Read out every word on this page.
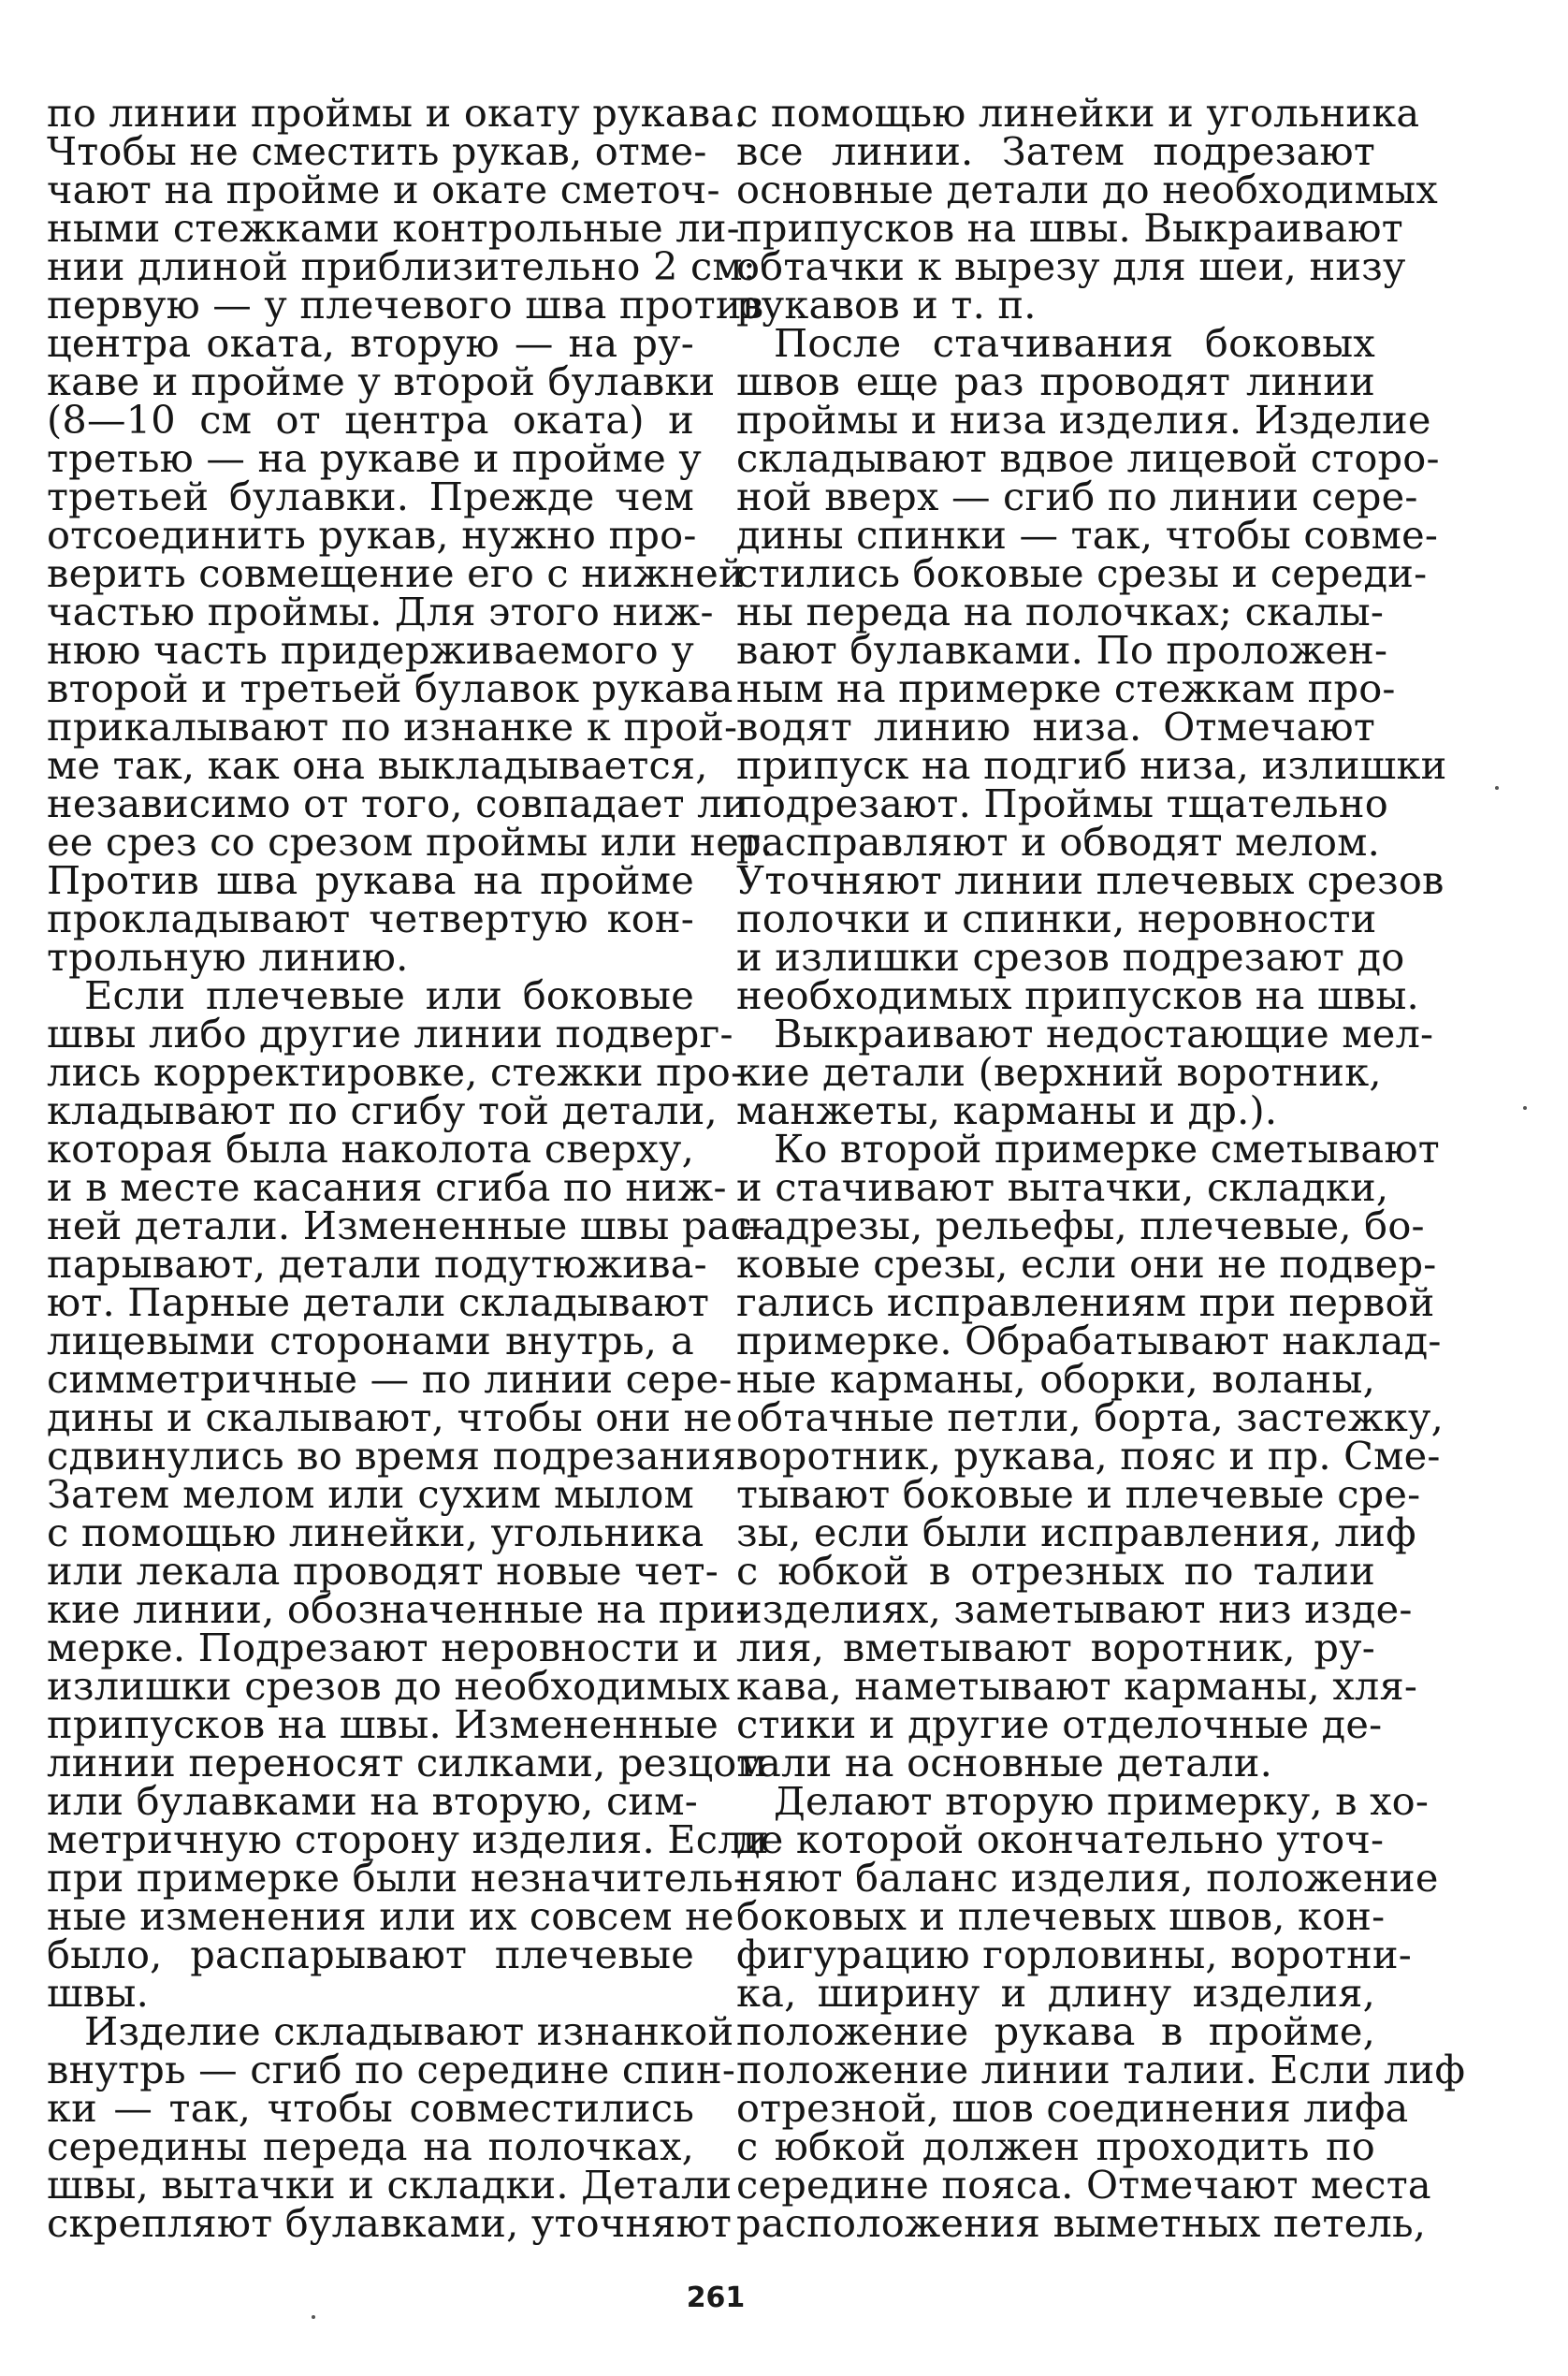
по линии проймы и окату рукава.
Чтобы не сместить рукав, отме-
чают на пройме и окате сметоч-
ными стежками контрольные ли-
нии длиной приблизительно 2 см:
первую — у плечевого шва против
центра оката, вторую — на ру-
каве и пройме у второй булавки
(8—10 см от центра оката) и
третью — на рукаве и пройме у
третьей булавки. Прежде чем
отсоединить рукав, нужно про-
верить совмещение его с нижней
частью проймы. Для этого ниж-
нюю часть придерживаемого у
второй и третьей булавок рукава
прикалывают по изнанке к прой-
ме так, как она выкладывается,
независимо от того, совпадает ли
ее срез со срезом проймы или нет.
Против шва рукава на пройме
прокладывают четвертую кон-
трольную линию.
Если плечевые или боковые
швы либо другие линии подверг-
лись корректировке, стежки про-
кладывают по сгибу той детали,
которая была наколота сверху,
и в месте касания сгиба по ниж-
ней детали. Измененные швы рас-
парывают, детали подутюжива-
ют. Парные детали складывают
лицевыми сторонами внутрь, а
симметричные — по линии сере-
дины и скалывают, чтобы они не
сдвинулись во время подрезания.
Затем мелом или сухим мылом
с помощью линейки, угольника
или лекала проводят новые чет-
кие линии, обозначенные на при-
мерке. Подрезают неровности и
излишки срезов до необходимых
припусков на швы. Измененные
линии переносят силками, резцом
или булавками на вторую, сим-
метричную сторону изделия. Если
при примерке были незначитель-
ные изменения или их совсем не
было, распарывают плечевые
швы.
Изделие складывают изнанкой
внутрь — сгиб по середине спин-
ки — так, чтобы совместились
середины переда на полочках,
швы, вытачки и складки. Детали
скрепляют булавками, уточняют
с помощью линейки и угольника
все линии. Затем подрезают
основные детали до необходимых
припусков на швы. Выкраивают
обтачки к вырезу для шеи, низу
рукавов и т. п.
После стачивания боковых
швов еще раз проводят линии
проймы и низа изделия. Изделие
складывают вдвое лицевой сторо-
ной вверх — сгиб по линии сере-
дины спинки — так, чтобы совме-
стились боковые срезы и середи-
ны переда на полочках; скалы-
вают булавками. По проложен-
ным на примерке стежкам про-
водят линию низа. Отмечают
припуск на подгиб низа, излишки
подрезают. Проймы тщательно
расправляют и обводят мелом.
Уточняют линии плечевых срезов
полочки и спинки, неровности
и излишки срезов подрезают до
необходимых припусков на швы.
Выкраивают недостающие мел-
кие детали (верхний воротник,
манжеты, карманы и др.).
Ко второй примерке сметывают
и стачивают вытачки, складки,
надрезы, рельефы, плечевые, бо-
ковые срезы, если они не подвер-
гались исправлениям при первой
примерке. Обрабатывают наклад-
ные карманы, оборки, воланы,
обтачные петли, борта, застежку,
воротник, рукава, пояс и пр. Сме-
тывают боковые и плечевые сре-
зы, если были исправления, лиф
с юбкой в отрезных по талии
изделиях, заметывают низ изде-
лия, вметывают воротник, ру-
кава, наметывают карманы, хля-
стики и другие отделочные де-
тали на основные детали.
Делают вторую примерку, в хо-
де которой окончательно уточ-
няют баланс изделия, положение
боковых и плечевых швов, кон-
фигурацию горловины, воротни-
ка, ширину и длину изделия,
положение рукава в пройме,
положение линии талии. Если лиф
отрезной, шов соединения лифа
с юбкой должен проходить по
середине пояса. Отмечают места
расположения выметных петель,
261
